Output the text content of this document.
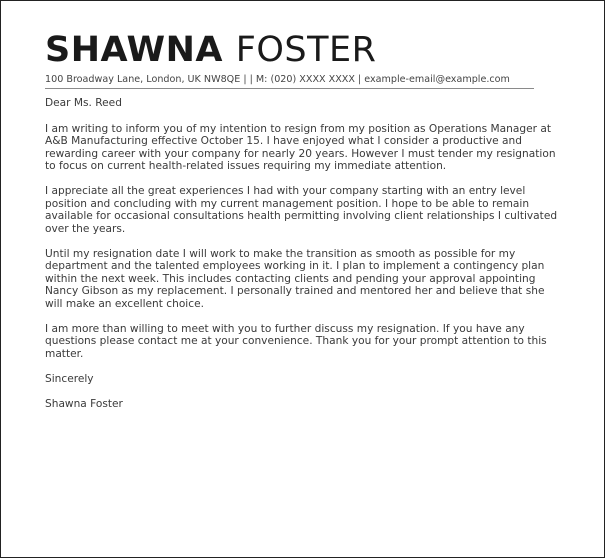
SHAWNA FOSTER
100 Broadway Lane, London, UK NW8QE | | M: (020) XXXX XXXX | example-email@example.com

Dear Ms. Reed

I am writing to inform you of my intention to resign from my position as Operations Manager at A&B Manufacturing effective October 15. I have enjoyed what I consider a productive and rewarding career with your company for nearly 20 years. However I must tender my resignation to focus on current health-related issues requiring my immediate attention.

I appreciate all the great experiences I had with your company starting with an entry level position and concluding with my current management position. I hope to be able to remain available for occasional consultations health permitting involving client relationships I cultivated over the years.

Until my resignation date I will work to make the transition as smooth as possible for my department and the talented employees working in it. I plan to implement a contingency plan within the next week. This includes contacting clients and pending your approval appointing Nancy Gibson as my replacement. I personally trained and mentored her and believe that she will make an excellent choice.

I am more than willing to meet with you to further discuss my resignation. If you have any questions please contact me at your convenience. Thank you for your prompt attention to this matter.

Sincerely

Shawna Foster
